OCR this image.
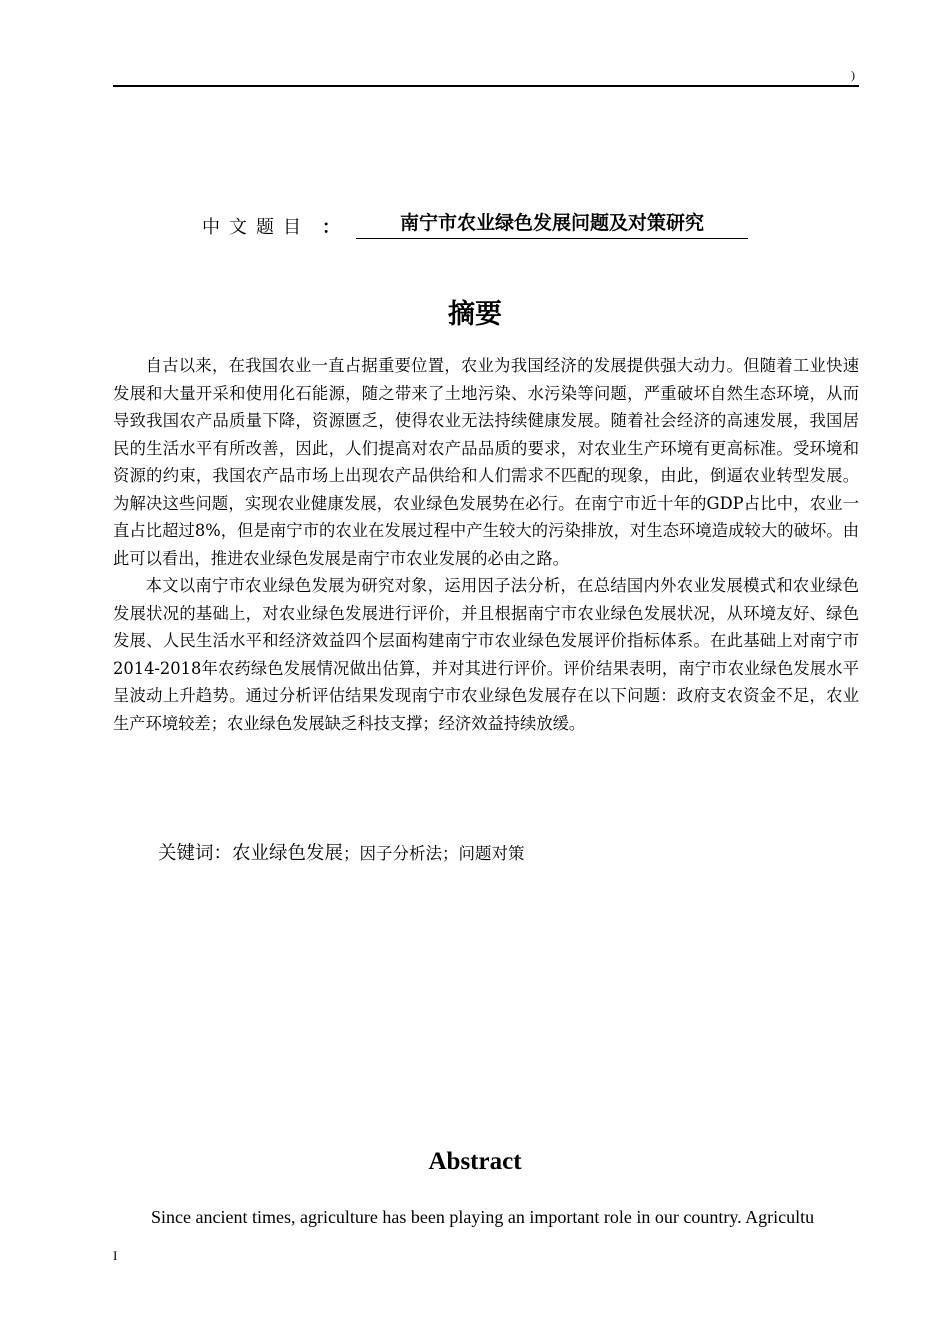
)
中文题目 ：	南宁市农业绿色发展问题及对策研究
摘要

自古以来，在我国农业一直占据重要位置，农业为我国经济的发展提供强大动力。但随着工业快速发展和大量开采和使用化石能源，随之带来了土地污染、水污染等问题，严重破坏自然生态环境，从而导致我国农产品质量下降，资源匮乏，使得农业无法持续健康发展。随着社会经济的高速发展，我国居民的生活水平有所改善，因此，人们提高对农产品品质的要求，对农业生产环境有更高标准。受环境和资源的约束，我国农产品市场上出现农产品供给和人们需求不匹配的现象，由此，倒逼农业转型发展。为解决这些问题，实现农业健康发展，农业绿色发展势在必行。在南宁市近十年的GDP占比中，农业一直占比超过8%，但是南宁市的农业在发展过程中产生较大的污染排放，对生态环境造成较大的破坏。由此可以看出，推进农业绿色发展是南宁市农业发展的必由之路。

本文以南宁市农业绿色发展为研究对象，运用因子法分析，在总结国内外农业发展模式和农业绿色发展状况的基础上，对农业绿色发展进行评价，并且根据南宁市农业绿色发展状况，从环境友好、绿色发展、人民生活水平和经济效益四个层面构建南宁市农业绿色发展评价指标体系。在此基础上对南宁市2014-2018年农药绿色发展情况做出估算，并对其进行评价。评价结果表明，南宁市农业绿色发展水平呈波动上升趋势。通过分析评估结果发现南宁市农业绿色发展存在以下问题：政府支农资金不足，农业生产环境较差；农业绿色发展缺乏科技支撑；经济效益持续放缓。

关键词：农业绿色发展；因子分析法；问题对策
Abstract

Since ancient times, agriculture has been playing an important role in our country. Agricultu

I
